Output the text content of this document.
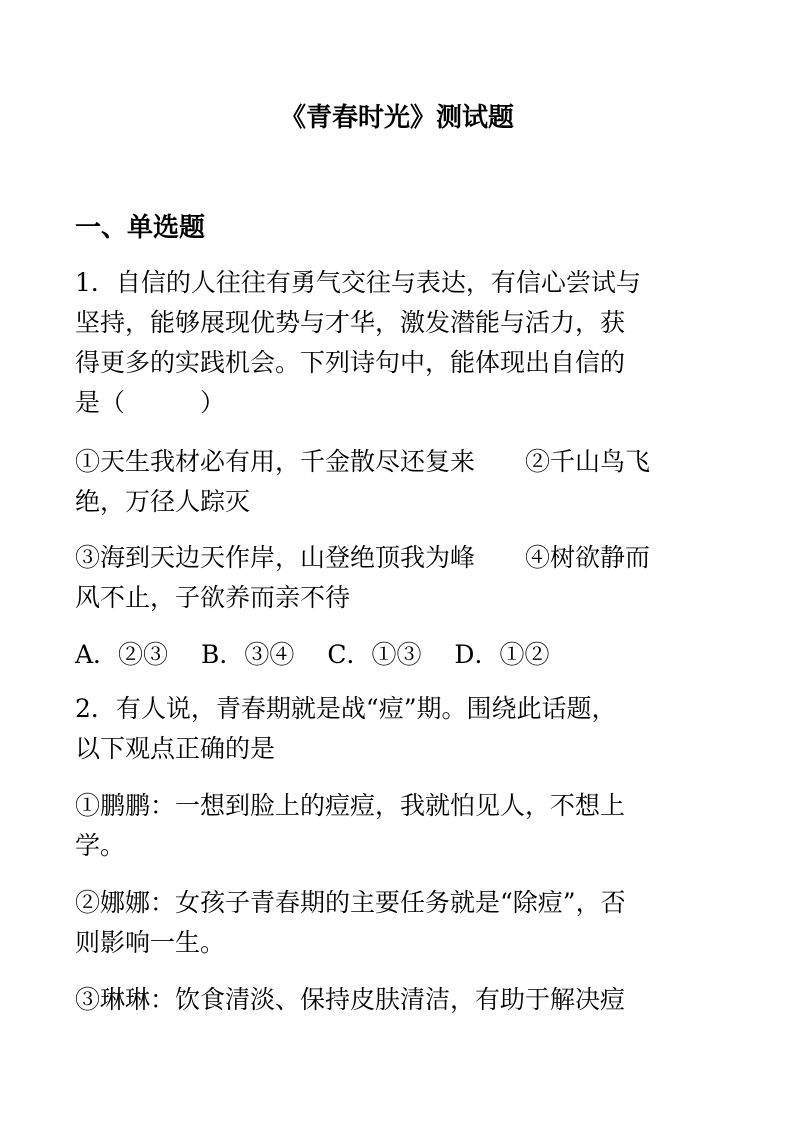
《青春时光》测试题
一、单选题
1．自信的人往往有勇气交往与表达，有信心尝试与
坚持，能够展现优势与才华，激发潜能与活力，获
得更多的实践机会。下列诗句中，能体现出自信的
是（　　　）
①天生我材必有用，千金散尽还复来　　②千山鸟飞
绝，万径人踪灭
③海到天边天作岸，山登绝顶我为峰　　④树欲静而
风不止，子欲养而亲不待
A．②③　 B．③④　 C．①③　 D．①②
2．有人说，青春期就是战“痘”期。围绕此话题，
以下观点正确的是
①鹏鹏：一想到脸上的痘痘，我就怕见人，不想上
学。
②娜娜：女孩子青春期的主要任务就是“除痘”，否
则影响一生。
③琳琳：饮食清淡、保持皮肤清洁，有助于解决痘
